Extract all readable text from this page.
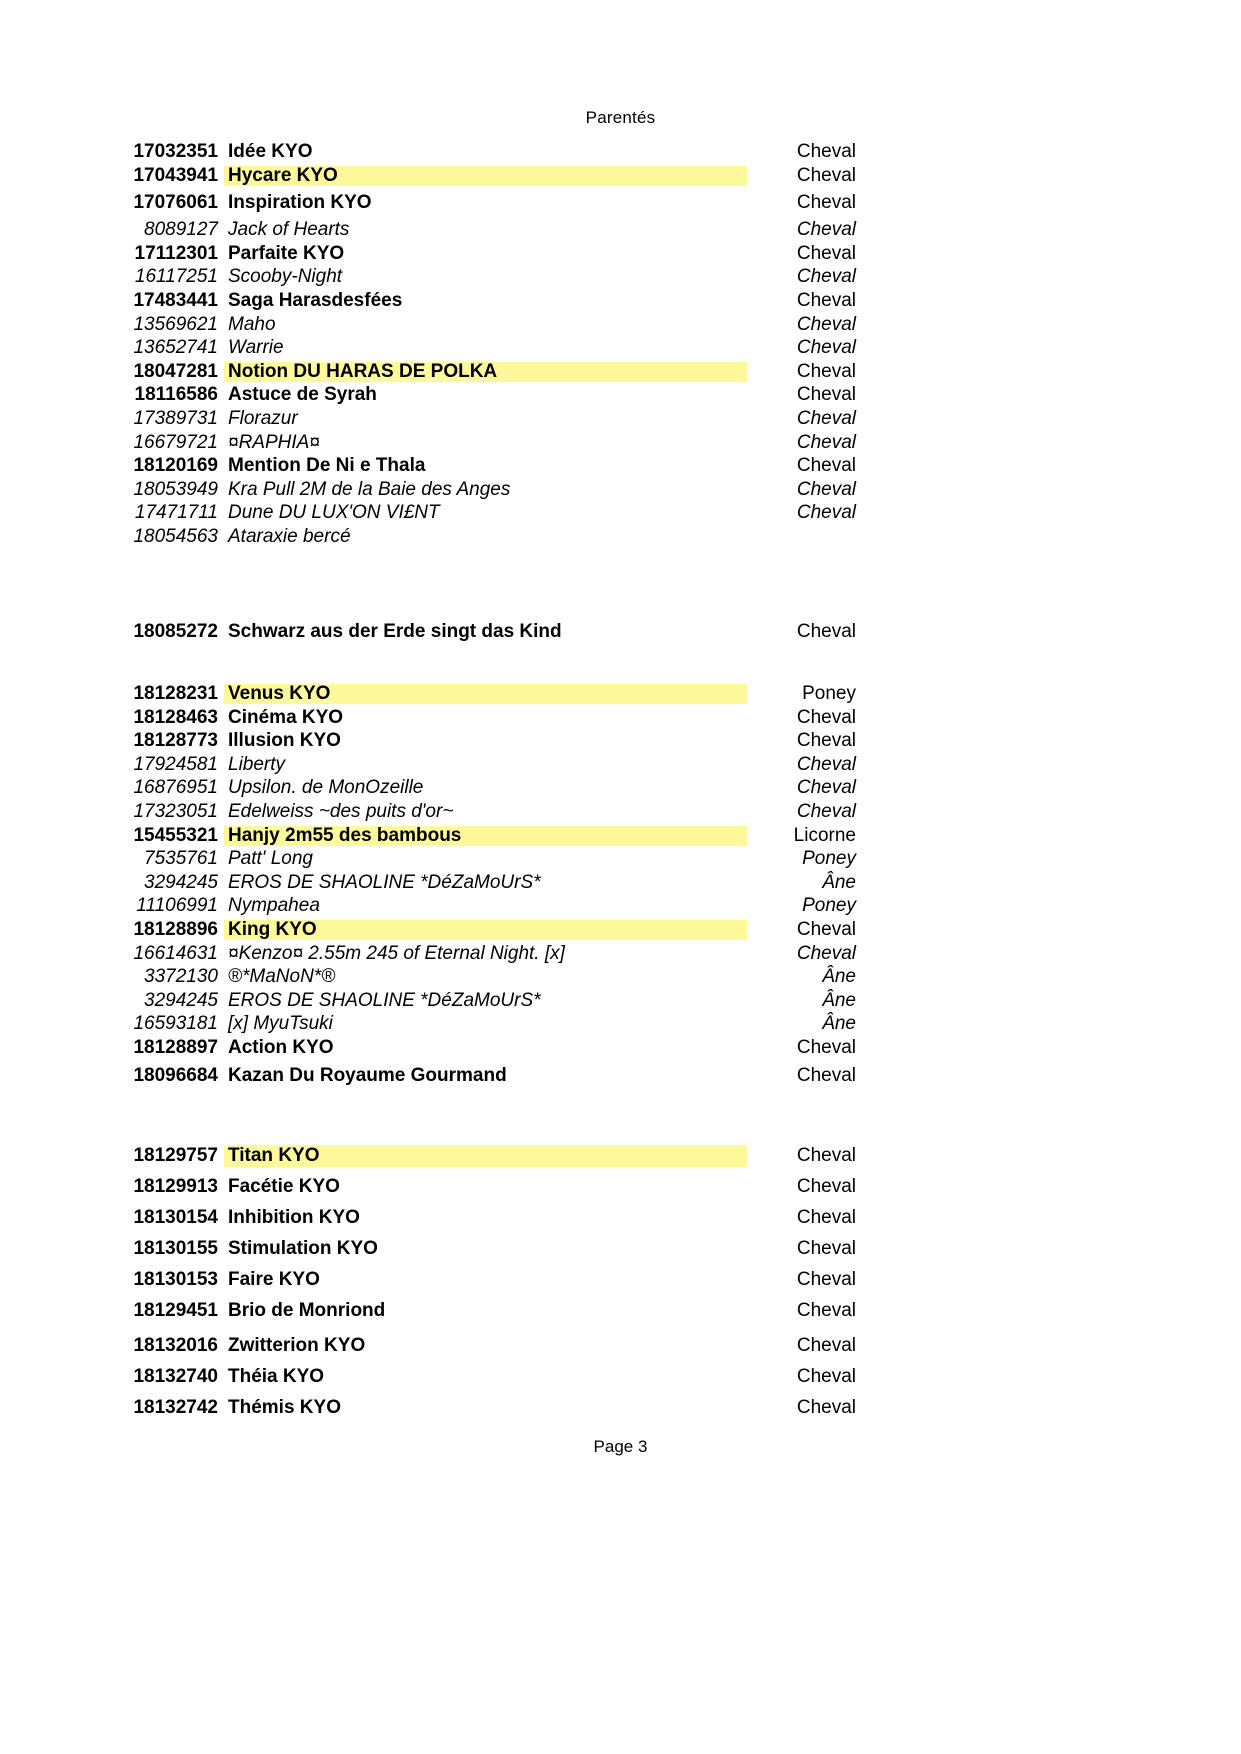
Parentés
17032351 Idée KYO	Cheval
17043941 Hycare KYO	Cheval
17076061 Inspiration KYO	Cheval
8089127 Jack of Hearts	Cheval
17112301 Parfaite KYO	Cheval
16117251 Scooby-Night	Cheval
17483441 Saga Harasdesfées	Cheval
13569621 Maho	Cheval
13652741 Warrie	Cheval
18047281 Notion DU HARAS DE POLKA	Cheval
18116586 Astuce de Syrah	Cheval
17389731 Florazur	Cheval
16679721 ¤RAPHIA¤	Cheval
18120169 Mention De Ni e Thala	Cheval
18053949 Kra Pull 2M de la Baie des Anges	Cheval
17471711 Dune DU LUX'ON VI£NT	Cheval
18054563 Ataraxie bercé
18085272 Schwarz aus der Erde singt das Kind	Cheval
18128231 Venus KYO	Poney
18128463 Cinéma KYO	Cheval
18128773 Illusion KYO	Cheval
17924581 Liberty	Cheval
16876951 Upsilon. de MonOzeille	Cheval
17323051 Edelweiss ~des puits d'or~	Cheval
15455321 Hanjy 2m55 des bambous	Licorne
7535761 Patt' Long	Poney
3294245 EROS DE SHAOLINE *DéZaMoUrS*	Âne
11106991 Nympahea	Poney
18128896 King KYO	Cheval
16614631 ¤Kenzo¤ 2.55m 245 of Eternal Night. [x]	Cheval
3372130 ®*MaNoN*®	Âne
3294245 EROS DE SHAOLINE *DéZaMoUrS*	Âne
16593181 [x] MyuTsuki	Âne
18128897 Action KYO	Cheval
18096684 Kazan Du Royaume Gourmand	Cheval
18129757 Titan KYO	Cheval
18129913 Facétie KYO	Cheval
18130154 Inhibition KYO	Cheval
18130155 Stimulation KYO	Cheval
18130153 Faire KYO	Cheval
18129451 Brio de Monriond	Cheval
18132016 Zwitterion KYO	Cheval
18132740 Théia KYO	Cheval
18132742 Thémis KYO	Cheval
Page 3
